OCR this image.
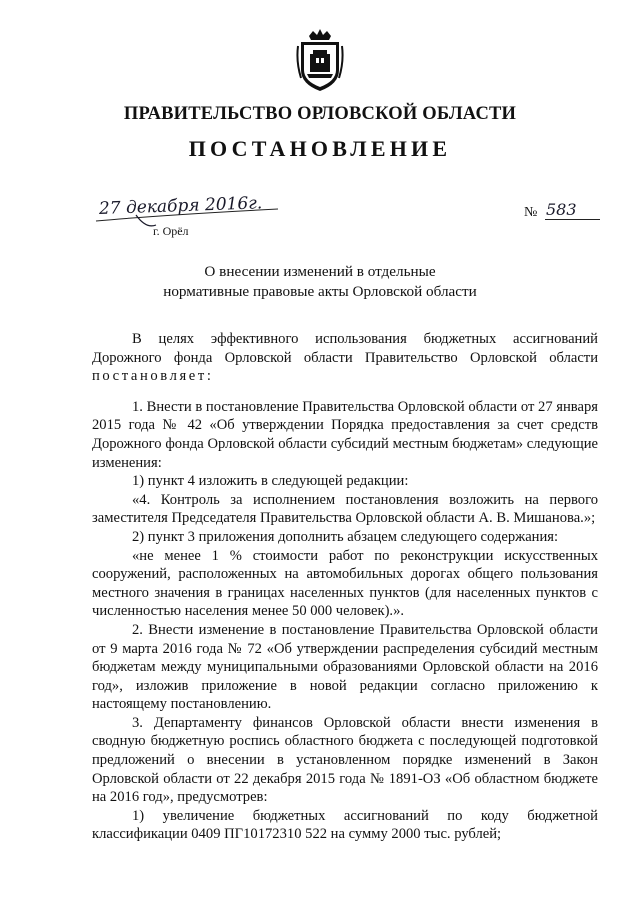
ПРАВИТЕЛЬСТВО ОРЛОВСКОЙ ОБЛАСТИ
ПОСТАНОВЛЕНИЕ
27 декабря 2016г.
г. Орёл
№ 583
О внесении изменений в отдельные
нормативные правовые акты Орловской области

В целях эффективного использования бюджетных ассигнований Дорожного фонда Орловской области Правительство Орловской области постановляет:

1. Внести в постановление Правительства Орловской области от 27 января 2015 года № 42 «Об утверждении Порядка предоставления за счет средств Дорожного фонда Орловской области субсидий местным бюджетам» следующие изменения:

1) пункт 4 изложить в следующей редакции:

«4. Контроль за исполнением постановления возложить на первого заместителя Председателя Правительства Орловской области А. В. Мишанова.»;

2) пункт 3 приложения дополнить абзацем следующего содержания:

«не менее 1 % стоимости работ по реконструкции искусственных сооружений, расположенных на автомобильных дорогах общего пользования местного значения в границах населенных пунктов (для населенных пунктов с численностью населения менее 50 000 человек).».

2. Внести изменение в постановление Правительства Орловской области от 9 марта 2016 года № 72 «Об утверждении распределения субсидий местным бюджетам между муниципальными образованиями Орловской области на 2016 год», изложив приложение в новой редакции согласно приложению к настоящему постановлению.

3. Департаменту финансов Орловской области внести изменения в сводную бюджетную роспись областного бюджета с последующей подготовкой предложений о внесении в установленном порядке изменений в Закон Орловской области от 22 декабря 2015 года № 1891-ОЗ «Об областном бюджете на 2016 год», предусмотрев:

1) увеличение бюджетных ассигнований по коду бюджетной классификации 0409 ПГ10172310 522 на сумму 2000 тыс. рублей;
